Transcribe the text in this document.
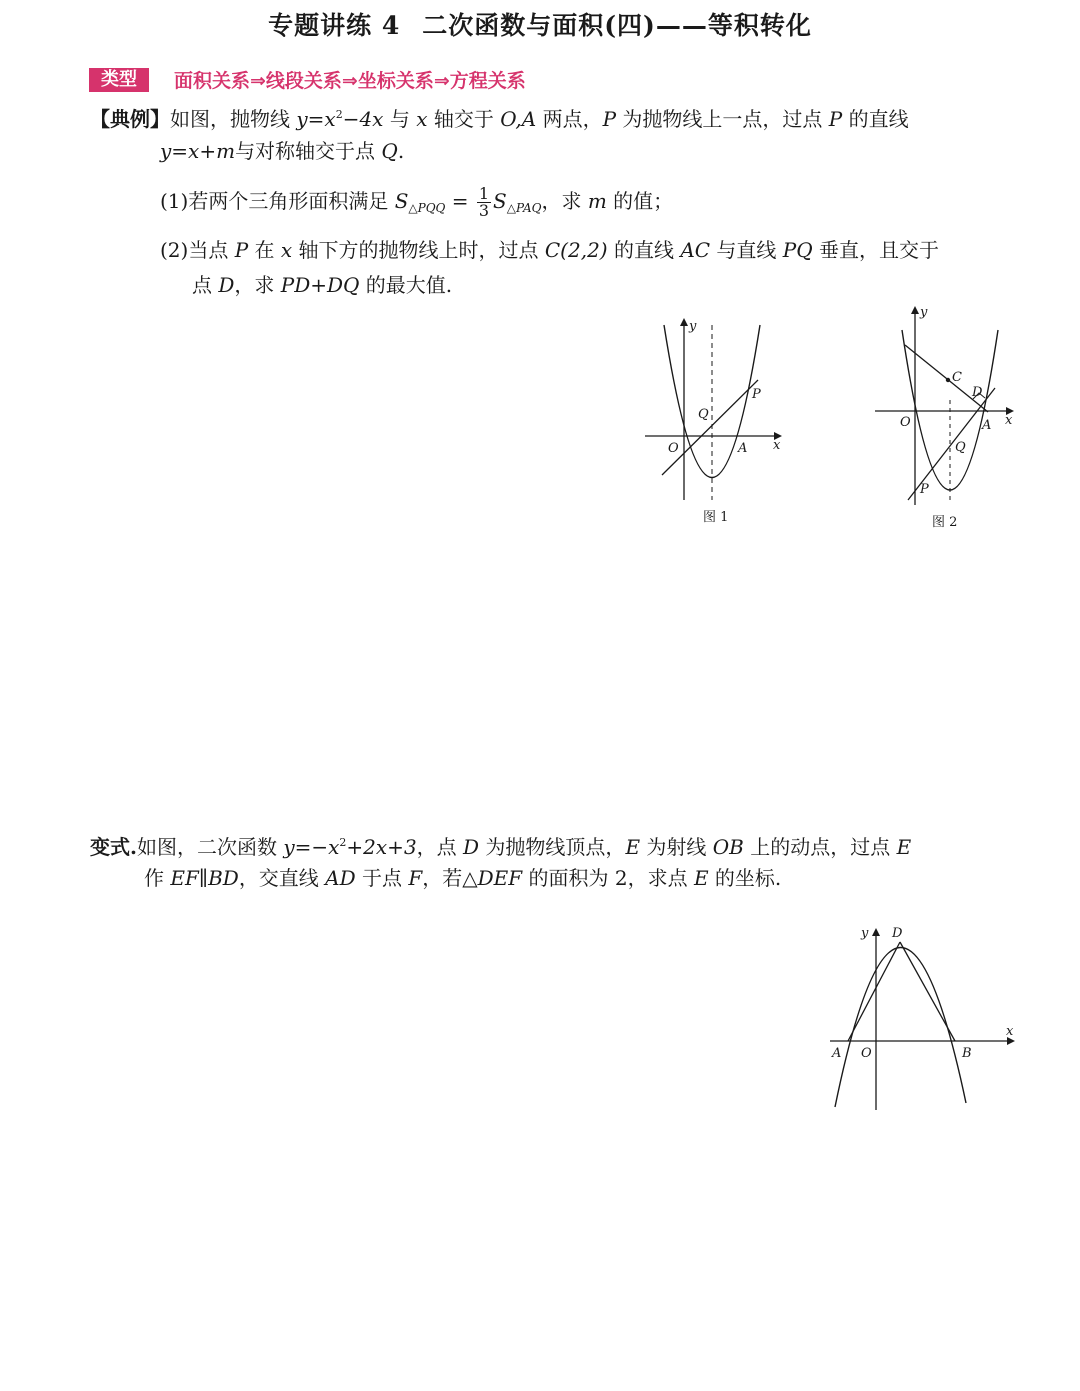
专题讲练 4 二次函数与面积(四)——等积转化
类型	面积关系⇒线段关系⇒坐标关系⇒方程关系
【典例】如图，抛物线 $y=x^2-4x$ 与 x 轴交于 O,A 两点，P 为抛物线上一点，过点 P 的直线
y=x+m与对称轴交于点 Q.
(1)若两个三角形面积满足 $S_{\triangle PQQ} = \frac{1}{3} S_{\triangle PAQ}$，求 m 的值；
(2)当点 P 在 x 轴下方的抛物线上时，过点 C(2,2) 的直线 AC 与直线 PQ 垂直，且交于
点 D，求 PD+DQ 的最大值.
y
x
O	A
P
Q
图 1
y
x
O	A
C
D
Q
P
图 2
变式.如图，二次函数 $y=-x^2+2x+3$，点 D 为抛物线顶点，E 为射线 OB 上的动点，过点 E
作 EF∥BD，交直线 AD 于点 F，若△DEF 的面积为 2，求点 E 的坐标.
y D
x
A O	B
